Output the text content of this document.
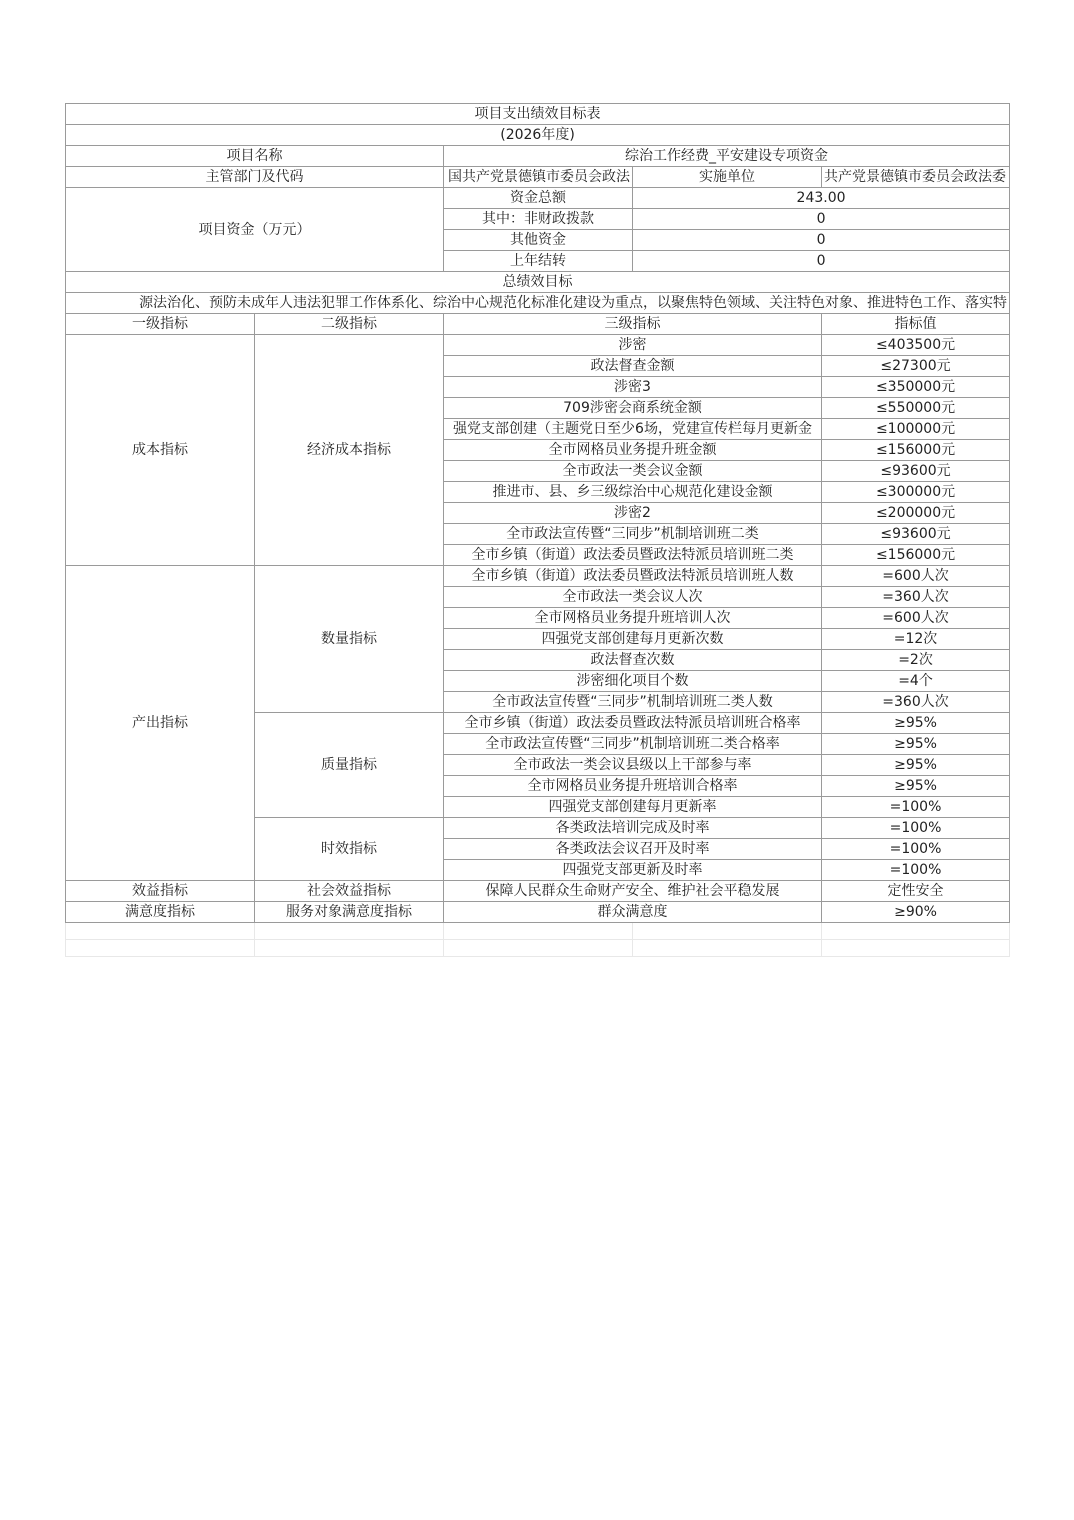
项目支出绩效目标表				
(2026年度)				
项目名称		综治工作经费_平安建设专项资金		
主管部门及代码		国共产党景德镇市委员会政法	实施单位	共产党景德镇市委员会政法委
项目资金（万元）		资金总额	243.00	
		其中：非财政拨款	0	
		其他资金	0	
		上年结转	0	
总绩效目标				
源法治化、预防未成年人违法犯罪工作体系化、综治中心规范化标准化建设为重点，以聚焦特色领域、关注特色对象、推进特色工作、落实特				
一级指标	二级指标	三级指标		指标值
成本指标	经济成本指标	涉密		≤403500元
		政法督查金额		≤27300元
		涉密3		≤350000元
		709涉密会商系统金额		≤550000元
		强党支部创建（主题党日至少6场，党建宣传栏每月更新金		≤100000元
		全市网格员业务提升班金额		≤156000元
		全市政法一类会议金额		≤93600元
		推进市、县、乡三级综治中心规范化建设金额		≤300000元
		涉密2		≤200000元
		全市政法宣传暨“三同步”机制培训班二类		≤93600元
		全市乡镇（街道）政法委员暨政法特派员培训班二类		≤156000元
产出指标	数量指标	全市乡镇（街道）政法委员暨政法特派员培训班人数		=600人次
		全市政法一类会议人次		=360人次
		全市网格员业务提升班培训人次		=600人次
		四强党支部创建每月更新次数		=12次
		政法督查次数		=2次
		涉密细化项目个数		=4个
		全市政法宣传暨“三同步”机制培训班二类人数		=360人次
	质量指标	全市乡镇（街道）政法委员暨政法特派员培训班合格率		≥95%
		全市政法宣传暨“三同步”机制培训班二类合格率		≥95%
		全市政法一类会议县级以上干部参与率		≥95%
		全市网格员业务提升班培训合格率		≥95%
		四强党支部创建每月更新率		=100%
	时效指标	各类政法培训完成及时率		=100%
		各类政法会议召开及时率		=100%
		四强党支部更新及时率		=100%
效益指标	社会效益指标	保障人民群众生命财产安全、维护社会平稳发展		定性安全
满意度指标	服务对象满意度指标	群众满意度		≥90%
